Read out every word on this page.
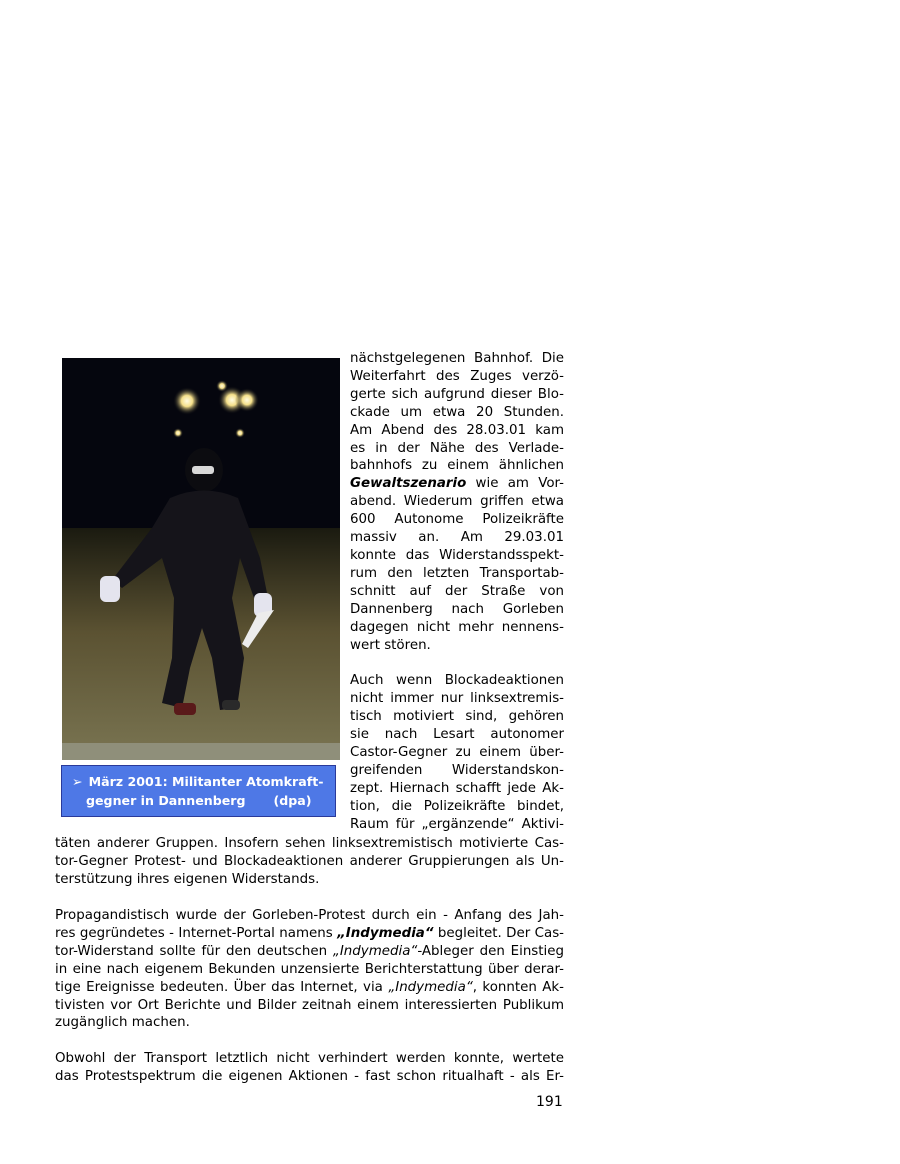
➢ März 2001: Militanter Atomkraft-
gegner in Dannenberg (dpa)

nächstgelegenen Bahnhof. Die

Weiterfahrt des Zuges verzö-

gerte sich aufgrund dieser Blo-

ckade um etwa 20 Stunden.

Am Abend des 28.03.01 kam

es in der Nähe des Verlade-

bahnhofs zu einem ähnlichen

Gewaltszenario wie am Vor-

abend. Wiederum griffen etwa

600 Autonome Polizeikräfte

massiv an. Am 29.03.01

konnte das Widerstandsspekt-

rum den letzten Transportab-

schnitt auf der Straße von

Dannenberg nach Gorleben

dagegen nicht mehr nennens-

wert stören.

Auch wenn Blockadeaktionen

nicht immer nur linksextremis-

tisch motiviert sind, gehören

sie nach Lesart autonomer

Castor-Gegner zu einem über-

greifenden Widerstandskon-

zept. Hiernach schafft jede Ak-

tion, die Polizeikräfte bindet,

Raum für „ergänzende“ Aktivi-

täten anderer Gruppen. Insofern sehen linksextremistisch motivierte Cas-

tor-Gegner Protest- und Blockadeaktionen anderer Gruppierungen als Un-

terstützung ihres eigenen Widerstands.

Propagandistisch wurde der Gorleben-Protest durch ein - Anfang des Jah-

res gegründetes - Internet-Portal namens „Indymedia“ begleitet. Der Cas-

tor-Widerstand sollte für den deutschen „Indymedia“-Ableger den Einstieg

in eine nach eigenem Bekunden unzensierte Berichterstattung über derar-

tige Ereignisse bedeuten. Über das Internet, via „Indymedia“, konnten Ak-

tivisten vor Ort Berichte und Bilder zeitnah einem interessierten Publikum

zugänglich machen.

Obwohl der Transport letztlich nicht verhindert werden konnte, wertete

das Protestspektrum die eigenen Aktionen - fast schon ritualhaft - als Er-

191
